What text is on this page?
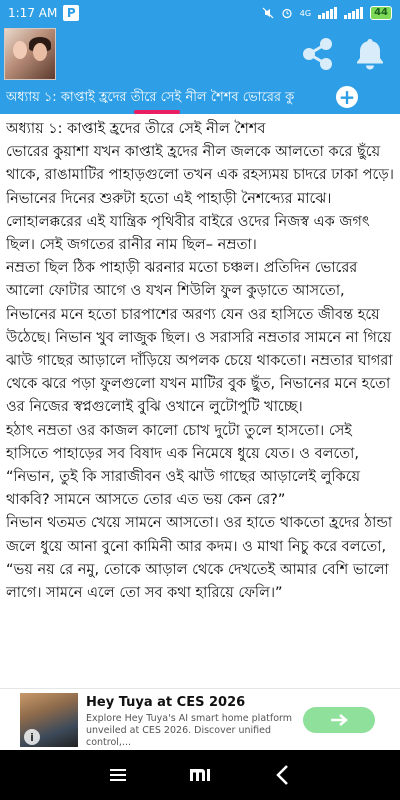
1:17 AM P	4G	44
অধ্যায় ১: কাপ্তাই হ্রদের তীরে সেই নীল শৈশব ভোরের কু	+

অধ্যায় ১: কাপ্তাই হ্রদের তীরে সেই নীল শৈশব

ভোরের কুয়াশা যখন কাপ্তাই হ্রদের নীল জলকে আলতো করে ছুঁয়ে থাকে, রাঙামাটির পাহাড়গুলো তখন এক রহস্যময় চাদরে ঢাকা পড়ে। নিভানের দিনের শুরুটা হতো এই পাহাড়ী নৈশব্দ্যের মাঝে। লোহালক্করের এই যান্ত্রিক পৃথিবীর বাইরে ওদের নিজস্ব এক জগৎ ছিল। সেই জগতের রানীর নাম ছিল– নম্রতা।

নম্রতা ছিল ঠিক পাহাড়ী ঝরনার মতো চঞ্চল। প্রতিদিন ভোরের আলো ফোটার আগে ও যখন শিউলি ফুল কুড়াতে আসতো, নিভানের মনে হতো চারপাশের অরণ্য যেন ওর হাসিতে জীবন্ত হয়ে উঠেছে। নিভান খুব লাজুক ছিল। ও সরাসরি নম্রতার সামনে না গিয়ে ঝাউ গাছের আড়ালে দাঁড়িয়ে অপলক চেয়ে থাকতো। নম্রতার ঘাগরা থেকে ঝরে পড়া ফুলগুলো যখন মাটির বুক ছুঁত, নিভানের মনে হতো ওর নিজের স্বপ্নগুলোই বুঝি ওখানে লুটোপুটি খাচ্ছে।

হঠাৎ নম্রতা ওর কাজল কালো চোখ দুটো তুলে হাসতো। সেই হাসিতে পাহাড়ের সব বিষাদ এক নিমেষে ধুয়ে যেত। ও বলতো, “নিভান, তুই কি সারাজীবন ওই ঝাউ গাছের আড়ালেই লুকিয়ে থাকবি? সামনে আসতে তোর এত ভয় কেন রে?”

নিভান থতমত খেয়ে সামনে আসতো। ওর হাতে থাকতো হ্রদের ঠান্ডা জলে ধুয়ে আনা বুনো কামিনী আর কদম। ও মাথা নিচু করে বলতো, “ভয় নয় রে নমু, তোকে আড়াল থেকে দেখতেই আমার বেশি ভালো লাগে। সামনে এলে তো সব কথা হারিয়ে ফেলি।”

i
Hey Tuya at CES 2026
Explore Hey Tuya's AI smart home platform unveiled at CES 2026. Discover unified control,...
